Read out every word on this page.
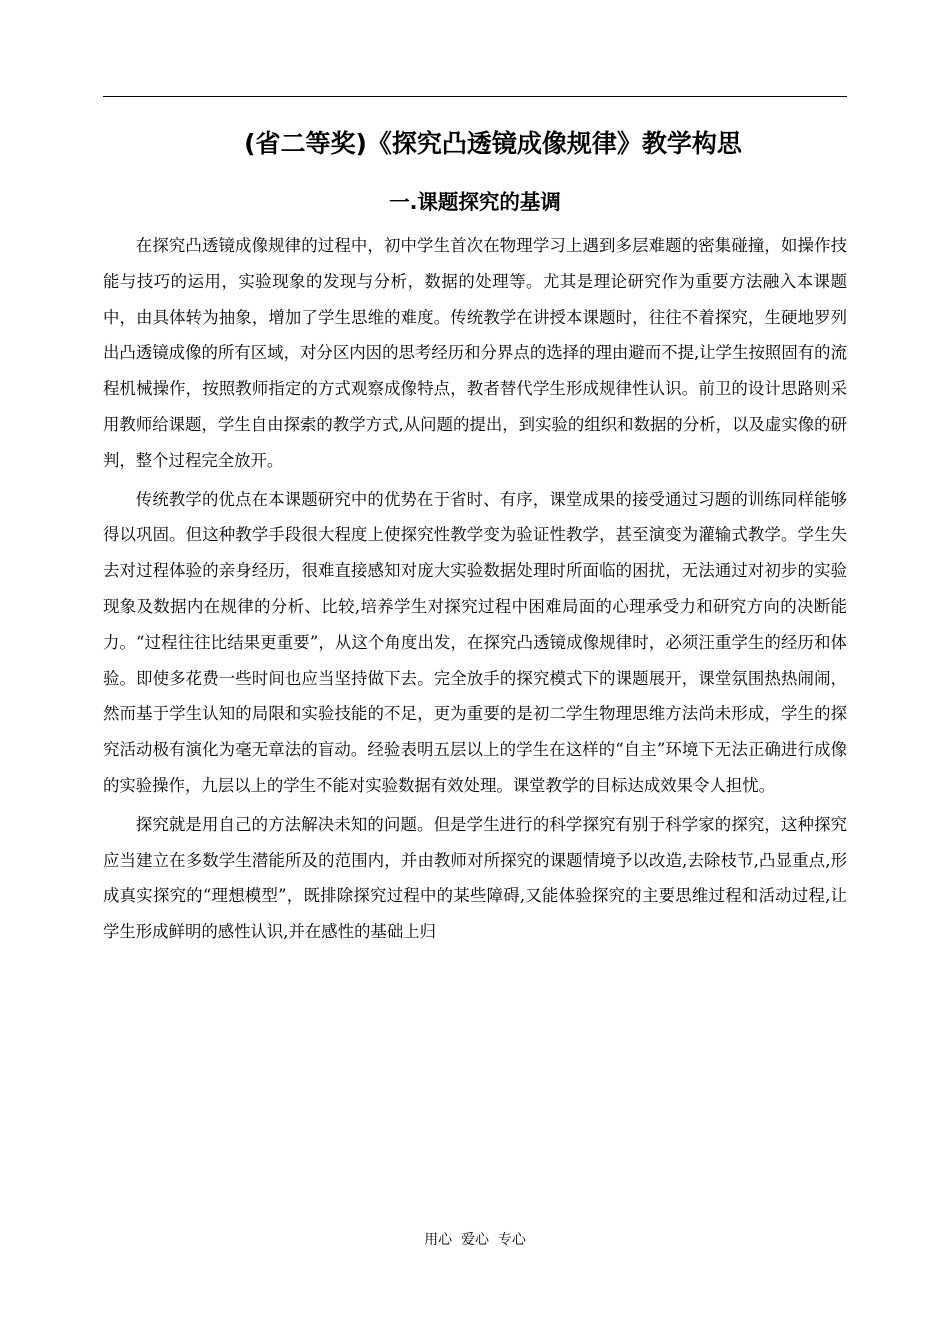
(省二等奖)《探究凸透镜成像规律》教学构思
一.课题探究的基调

在探究凸透镜成像规律的过程中，初中学生首次在物理学习上遇到多层难题的密集碰撞，如操作技能与技巧的运用，实验现象的发现与分析，数据的处理等。尤其是理论研究作为重要方法融入本课题中，由具体转为抽象，增加了学生思维的难度。传统教学在讲授本课题时，往往不着探究，生硬地罗列出凸透镜成像的所有区域，对分区内因的思考经历和分界点的选择的理由避而不提,让学生按照固有的流程机械操作，按照教师指定的方式观察成像特点，教者替代学生形成规律性认识。前卫的设计思路则采用教师给课题，学生自由探索的教学方式,从问题的提出，到实验的组织和数据的分析，以及虚实像的研判，整个过程完全放开。

传统教学的优点在本课题研究中的优势在于省时、有序，课堂成果的接受通过习题的训练同样能够得以巩固。但这种教学手段很大程度上使探究性教学变为验证性教学，甚至演变为灌输式教学。学生失去对过程体验的亲身经历，很难直接感知对庞大实验数据处理时所面临的困扰，无法通过对初步的实验现象及数据内在规律的分析、比较,培养学生对探究过程中困难局面的心理承受力和研究方向的决断能力。“过程往往比结果更重要”，从这个角度出发，在探究凸透镜成像规律时，必须汪重学生的经历和体验。即使多花费一些时间也应当坚持做下去。完全放手的探究模式下的课题展开，课堂氛围热热闹闹，然而基于学生认知的局限和实验技能的不足，更为重要的是初二学生物理思维方法尚未形成，学生的探究活动极有演化为毫无章法的盲动。经验表明五层以上的学生在这样的“自主”环境下无法正确进行成像的实验操作，九层以上的学生不能对实验数据有效处理。课堂教学的目标达成效果令人担忧。

探究就是用自己的方法解决未知的问题。但是学生进行的科学探究有别于科学家的探究，这种探究应当建立在多数学生潜能所及的范围内，并由教师对所探究的课题情境予以改造,去除枝节,凸显重点,形成真实探究的“理想模型”，既排除探究过程中的某些障碍,又能体验探究的主要思维过程和活动过程,让学生形成鲜明的感性认识,并在感性的基础上归

用心  爱心  专心
